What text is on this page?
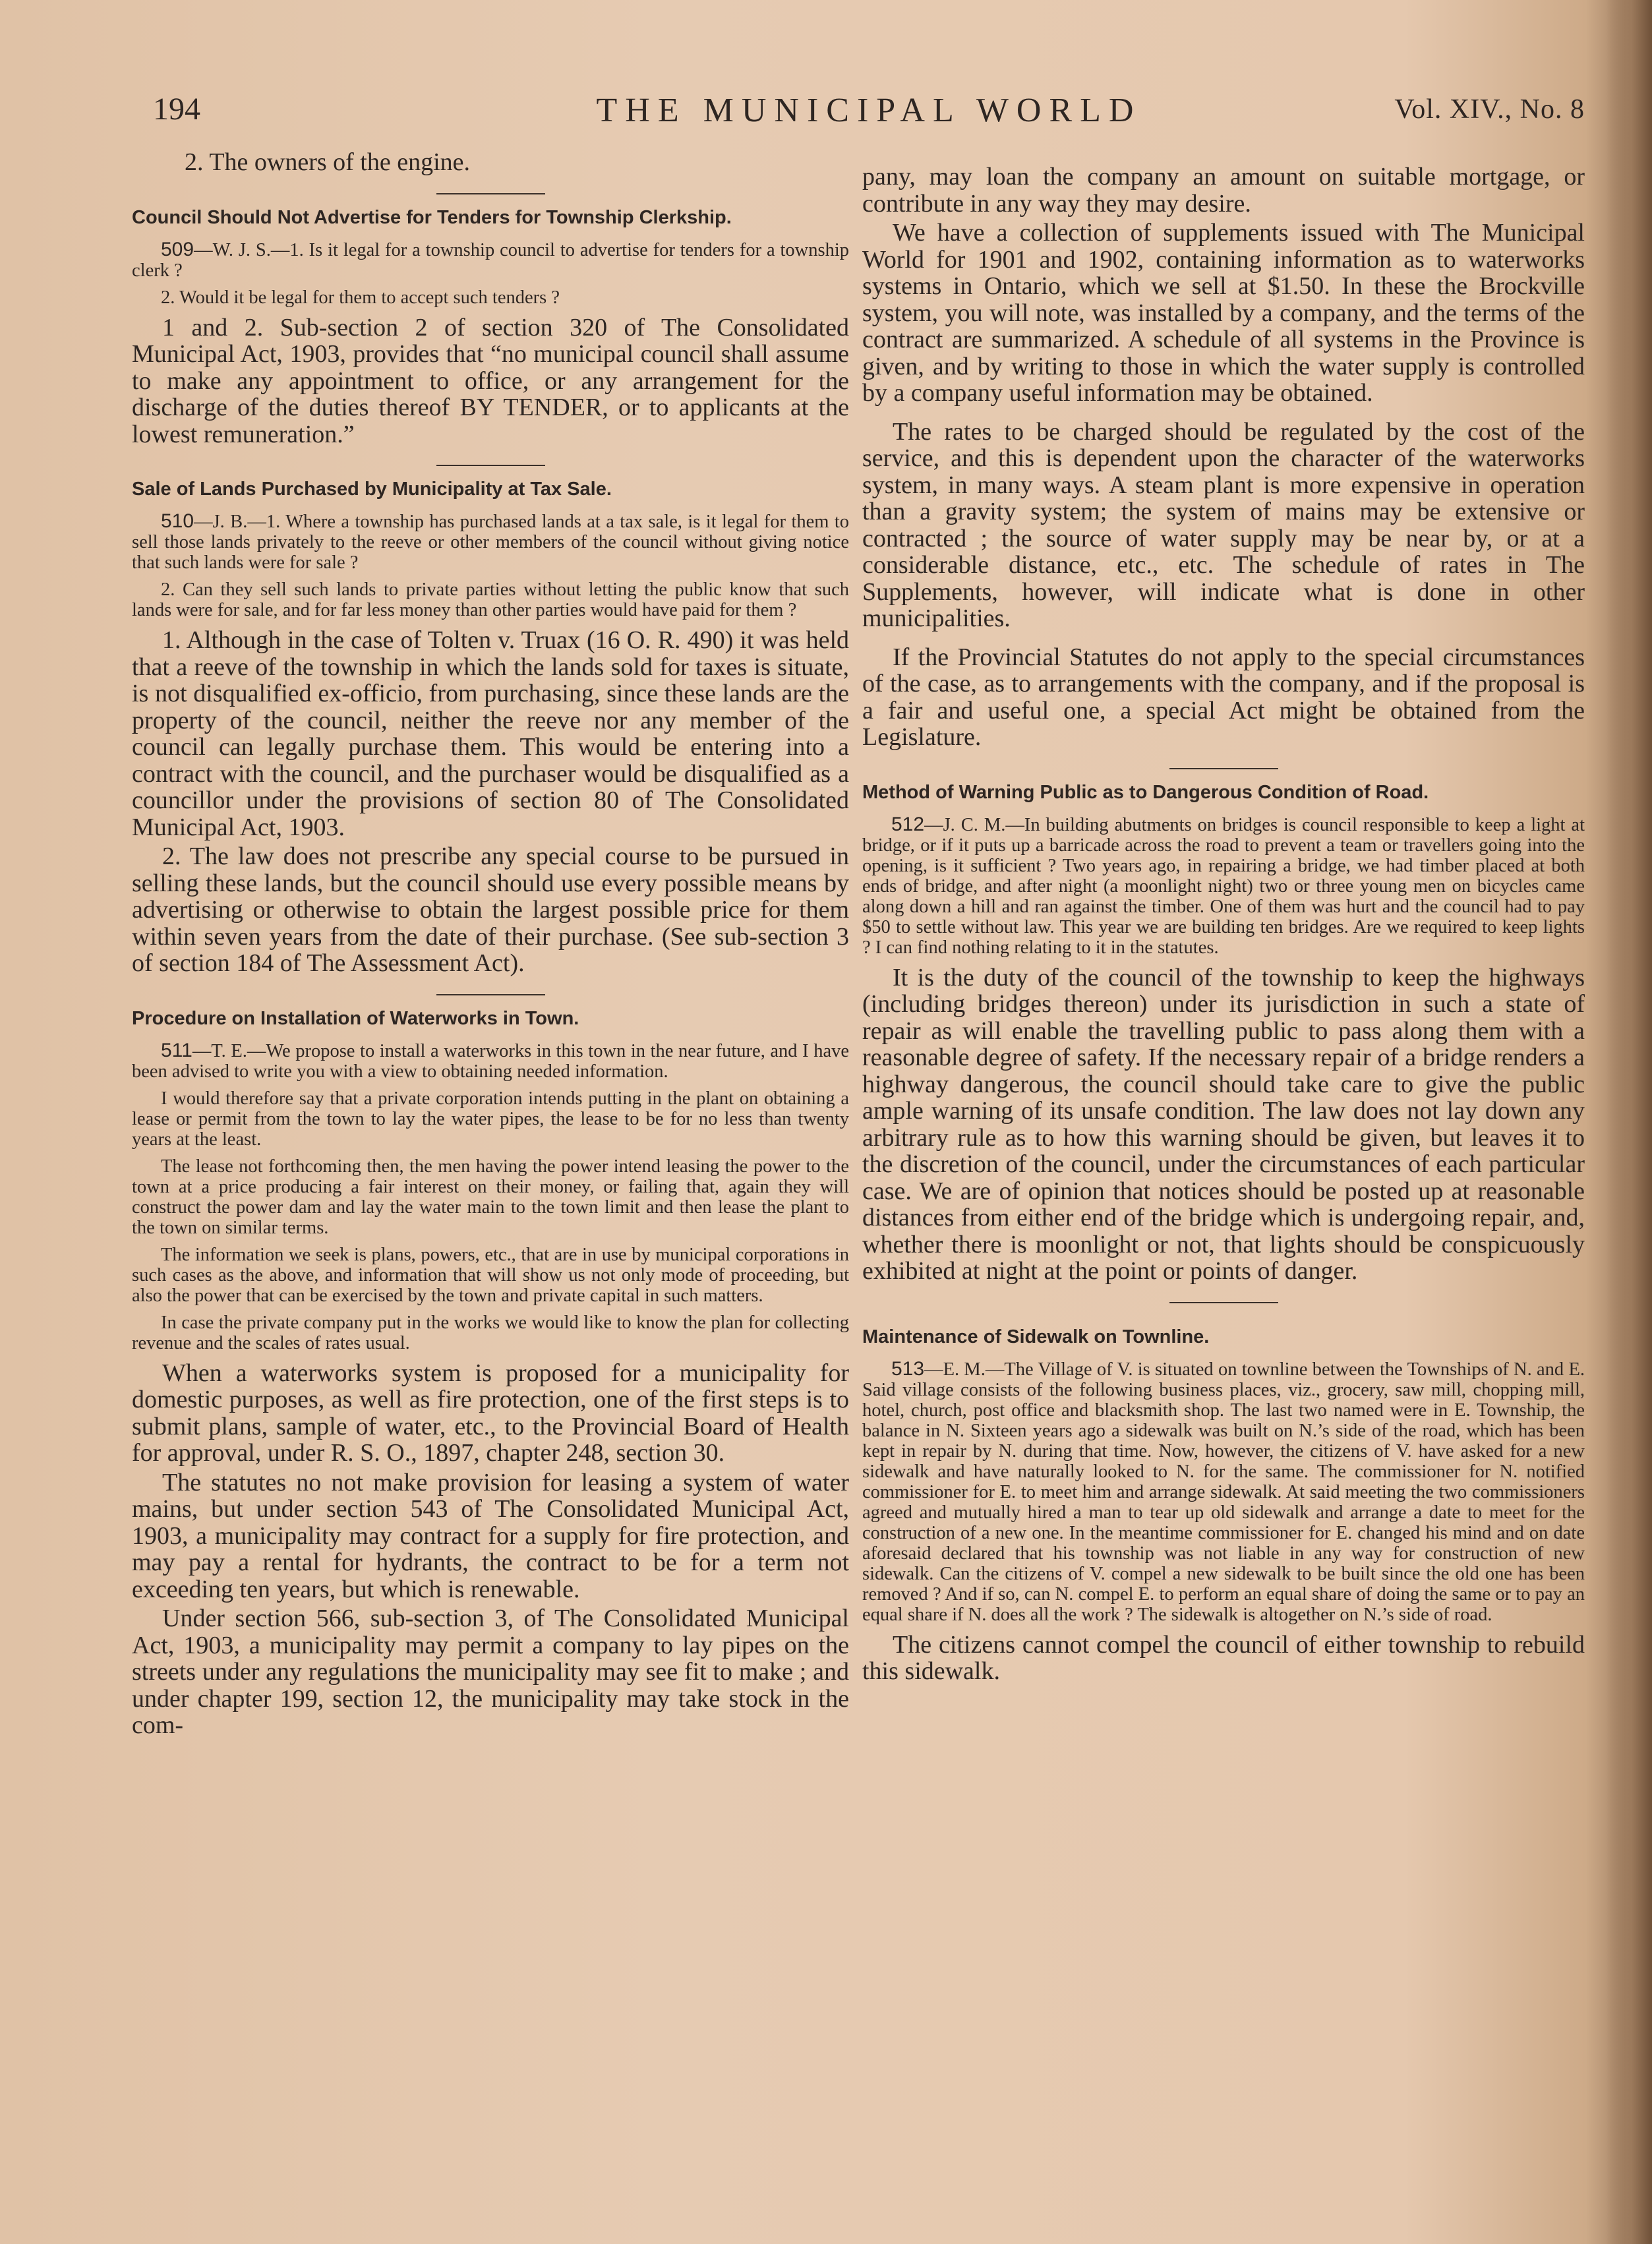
194	THE MUNICIPAL WORLD	Vol. XIV., No. 8

2. The owners of the engine.

Council Should Not Advertise for Tenders for Township Clerkship.

509—W. J. S.—1. Is it legal for a township council to advertise for tenders for a township clerk ?

2. Would it be legal for them to accept such tenders ?

1 and 2. Sub-section 2 of section 320 of The Consolidated Municipal Act, 1903, provides that “no municipal council shall assume to make any appointment to office, or any arrangement for the discharge of the duties thereof BY TENDER, or to applicants at the lowest remuneration.”

Sale of Lands Purchased by Municipality at Tax Sale.

510—J. B.—1. Where a township has purchased lands at a tax sale, is it legal for them to sell those lands privately to the reeve or other members of the council without giving notice that such lands were for sale ?

2. Can they sell such lands to private parties without letting the public know that such lands were for sale, and for far less money than other parties would have paid for them ?

1. Although in the case of Tolten v. Truax (16 O. R. 490) it was held that a reeve of the township in which the lands sold for taxes is situate, is not disqualified ex-officio, from purchasing, since these lands are the property of the council, neither the reeve nor any member of the council can legally purchase them. This would be entering into a contract with the council, and the purchaser would be disqualified as a councillor under the provisions of section 80 of The Consolidated Municipal Act, 1903.

2. The law does not prescribe any special course to be pursued in selling these lands, but the council should use every possible means by advertising or otherwise to obtain the largest possible price for them within seven years from the date of their purchase. (See sub-section 3 of section 184 of The Assessment Act).

Procedure on Installation of Waterworks in Town.

511—T. E.—We propose to install a waterworks in this town in the near future, and I have been advised to write you with a view to obtaining needed information.

I would therefore say that a private corporation intends putting in the plant on obtaining a lease or permit from the town to lay the water pipes, the lease to be for no less than twenty years at the least.

The lease not forthcoming then, the men having the power intend leasing the power to the town at a price producing a fair interest on their money, or failing that, again they will construct the power dam and lay the water main to the town limit and then lease the plant to the town on similar terms.

The information we seek is plans, powers, etc., that are in use by municipal corporations in such cases as the above, and information that will show us not only mode of proceeding, but also the power that can be exercised by the town and private capital in such matters.

In case the private company put in the works we would like to know the plan for collecting revenue and the scales of rates usual.

When a waterworks system is proposed for a municipality for domestic purposes, as well as fire protection, one of the first steps is to submit plans, sample of water, etc., to the Provincial Board of Health for approval, under R. S. O., 1897, chapter 248, section 30.

The statutes no not make provision for leasing a system of water mains, but under section 543 of The Consolidated Municipal Act, 1903, a municipality may contract for a supply for fire protection, and may pay a rental for hydrants, the contract to be for a term not exceeding ten years, but which is renewable.

Under section 566, sub-section 3, of The Consolidated Municipal Act, 1903, a municipality may permit a company to lay pipes on the streets under any regulations the municipality may see fit to make ; and under chapter 199, section 12, the municipality may take stock in the com-

pany, may loan the company an amount on suitable mortgage, or contribute in any way they may desire.

We have a collection of supplements issued with The Municipal World for 1901 and 1902, containing information as to waterworks systems in Ontario, which we sell at $1.50. In these the Brockville system, you will note, was installed by a company, and the terms of the contract are summarized. A schedule of all systems in the Province is given, and by writing to those in which the water supply is controlled by a company useful information may be obtained.

The rates to be charged should be regulated by the cost of the service, and this is dependent upon the character of the waterworks system, in many ways. A steam plant is more expensive in operation than a gravity system; the system of mains may be extensive or contracted ; the source of water supply may be near by, or at a considerable distance, etc., etc. The schedule of rates in The Supplements, however, will indicate what is done in other municipalities.

If the Provincial Statutes do not apply to the special circumstances of the case, as to arrangements with the company, and if the proposal is a fair and useful one, a special Act might be obtained from the Legislature.

Method of Warning Public as to Dangerous Condition of Road.

512—J. C. M.—In building abutments on bridges is council responsible to keep a light at bridge, or if it puts up a barricade across the road to prevent a team or travellers going into the opening, is it sufficient ? Two years ago, in repairing a bridge, we had timber placed at both ends of bridge, and after night (a moonlight night) two or three young men on bicycles came along down a hill and ran against the timber. One of them was hurt and the council had to pay $50 to settle without law. This year we are building ten bridges. Are we required to keep lights ? I can find nothing relating to it in the statutes.

It is the duty of the council of the township to keep the highways (including bridges thereon) under its jurisdiction in such a state of repair as will enable the travelling public to pass along them with a reasonable degree of safety. If the necessary repair of a bridge renders a highway dangerous, the council should take care to give the public ample warning of its unsafe condition. The law does not lay down any arbitrary rule as to how this warning should be given, but leaves it to the discretion of the council, under the circumstances of each particular case. We are of opinion that notices should be posted up at reasonable distances from either end of the bridge which is undergoing repair, and, whether there is moonlight or not, that lights should be conspicuously exhibited at night at the point or points of danger.

Maintenance of Sidewalk on Townline.

513—E. M.—The Village of V. is situated on townline between the Townships of N. and E. Said village consists of the following business places, viz., grocery, saw mill, chopping mill, hotel, church, post office and blacksmith shop. The last two named were in E. Township, the balance in N. Sixteen years ago a sidewalk was built on N.’s side of the road, which has been kept in repair by N. during that time. Now, however, the citizens of V. have asked for a new sidewalk and have naturally looked to N. for the same. The commissioner for N. notified commissioner for E. to meet him and arrange sidewalk. At said meeting the two commissioners agreed and mutually hired a man to tear up old sidewalk and arrange a date to meet for the construction of a new one. In the meantime commissioner for E. changed his mind and on date aforesaid declared that his township was not liable in any way for construction of new sidewalk. Can the citizens of V. compel a new sidewalk to be built since the old one has been removed ? And if so, can N. compel E. to perform an equal share of doing the same or to pay an equal share if N. does all the work ? The sidewalk is altogether on N.’s side of road.

The citizens cannot compel the council of either township to rebuild this sidewalk.
